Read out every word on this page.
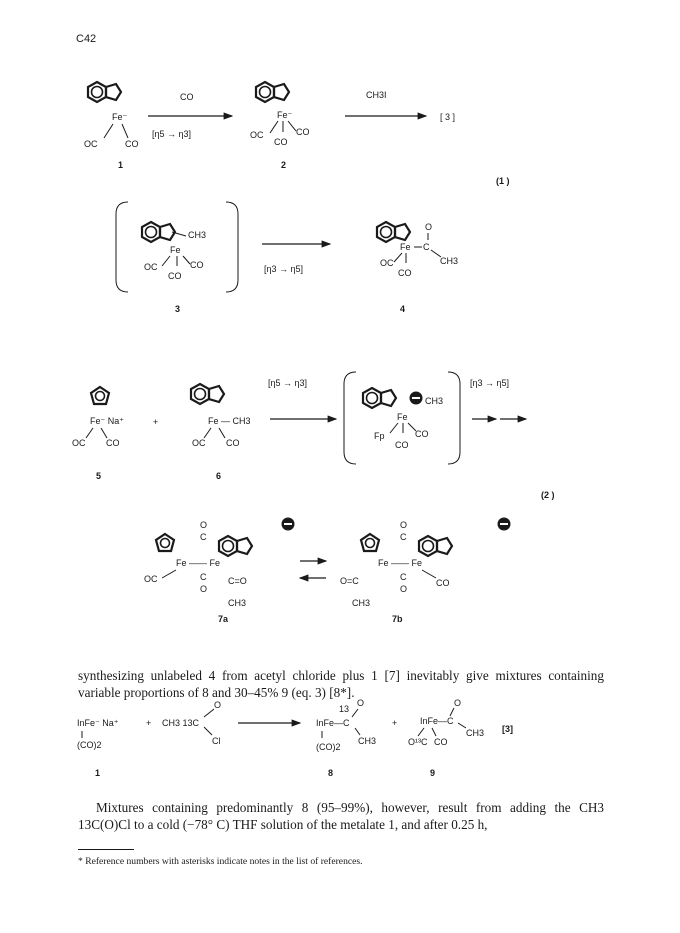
C42
Fe⁻
OC	CO
1
CO
[η5 → η3]
Fe⁻
OC	CO
CO
2
CH3I
[ 3 ]
(1 )
CH3
Fe
OC	CO
CO
3
[η3 → η5]
O
Fe C
CH3
OC
CO
4
Fe⁻ Na⁺
OC CO
5
+	Fe — CH3
OC CO
6
[η5 → η3]
CH3
Fe
Fp	CO
CO
[η3 → η5]
(2 )
O
C
Fe —— Fe
OC	C
O
C=O
CH3
7a
O
C
Fe —— Fe
CO
C
O
O=C
CH3
7b
InFe⁻ Na⁺
(CO)2
1
+ CH3 13C
O
Cl
13
O
InFe—C
(CO)2
CH3
8
+
O
InFe—C
CH3
O¹³C CO
9
[3]
synthesizing unlabeled 4 from acetyl chloride plus 1 [7] inevitably give mixtures containing variable proportions of 8 and 30–45% 9 (eq. 3) [8*].
Mixtures containing predominantly 8 (95–99%), however, result from adding the CH3 13C(O)Cl to a cold (−78° C) THF solution of the metalate 1, and after 0.25 h,
* Reference numbers with asterisks indicate notes in the list of references.
